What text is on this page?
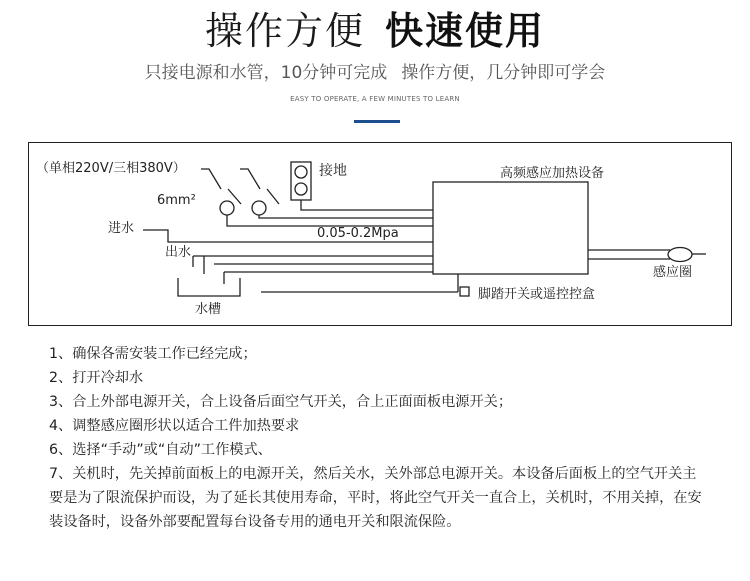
操作方便 快速使用
只接电源和水管，10分钟可完成 操作方便，几分钟即可学会
EASY TO OPERATE, A FEW MINUTES TO LEARN
（单相220V/三相380V）
6mm²
接地	高频感应加热设备
进水	0.05-0.2Mpa
出水
感应圈
脚踏开关或遥控控盒
水槽
1、确保各需安装工作已经完成；
2、打开冷却水
3、合上外部电源开关，合上设备后面空气开关，合上正面面板电源开关；
4、调整感应圈形状以适合工件加热要求
6、选择“手动”或“自动”工作模式、
7、关机时，先关掉前面板上的电源开关，然后关水，关外部总电源开关。本设备后面板上的空气开关主要是为了限流保护而设，为了延长其使用寿命，平时，将此空气开关一直合上，关机时，不用关掉，在安装设备时，设备外部要配置每台设备专用的通电开关和限流保险。
